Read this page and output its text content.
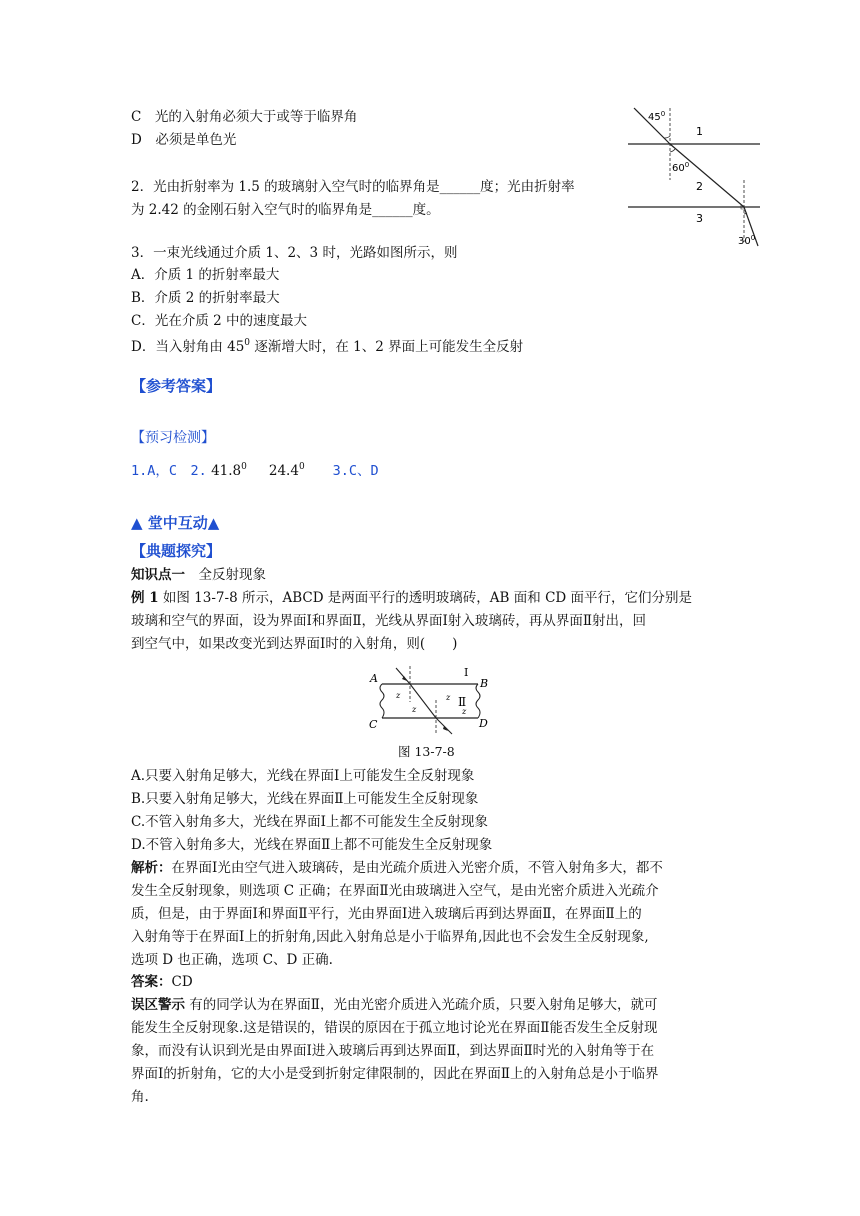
C　光的入射角必须大于或等于临界角
D　必须是单色光
2．光由折射率为 1.5 的玻璃射入空气时的临界角是______度；光由折射率
为 2.42 的金刚石射入空气时的临界角是______度。
3．一束光线通过介质 1、2、3 时，光路如图所示，则
A．介质 1 的折射率最大
B．介质 2 的折射率最大
C．光在介质 2 中的速度最大
D．当入射角由 $45^0$ 逐渐增大时，在 1、2 界面上可能发生全反射
$45^0$
$60^0$
$30^0$
1
2
3
【参考答案】
【预习检测】
1.A，C　2. 41.8$^0$ 24.4$^0$ 3.C、D
▲ 堂中互动▲
【典题探究】
知识点一　 全反射现象
例 1 如图 13-7-8 所示，ABCD 是两面平行的透明玻璃砖，AB 面和 CD 面平行，它们分别是
玻璃和空气的界面，设为界面Ⅰ和界面Ⅱ，光线从界面Ⅰ射入玻璃砖，再从界面Ⅱ射出，回
到空气中，如果改变光到达界面Ⅰ时的入射角，则(　　)
A	B
C	D
Ⅰ
Ⅱ
z
z
z
z
图 13-7-8
A.只要入射角足够大，光线在界面Ⅰ上可能发生全反射现象
B.只要入射角足够大，光线在界面Ⅱ上可能发生全反射现象
C.不管入射角多大，光线在界面Ⅰ上都不可能发生全反射现象
D.不管入射角多大，光线在界面Ⅱ上都不可能发生全反射现象
解析：在界面Ⅰ光由空气进入玻璃砖，是由光疏介质进入光密介质，不管入射角多大，都不
发生全反射现象，则选项 C 正确；在界面Ⅱ光由玻璃进入空气，是由光密介质进入光疏介
质，但是，由于界面Ⅰ和界面Ⅱ平行，光由界面Ⅰ进入玻璃后再到达界面Ⅱ，在界面Ⅱ上的
入射角等于在界面Ⅰ上的折射角,因此入射角总是小于临界角,因此也不会发生全反射现象,
选项 D 也正确，选项 C、D 正确.
答案：CD
误区警示 有的同学认为在界面Ⅱ，光由光密介质进入光疏介质，只要入射角足够大，就可
能发生全反射现象.这是错误的，错误的原因在于孤立地讨论光在界面Ⅱ能否发生全反射现
象，而没有认识到光是由界面Ⅰ进入玻璃后再到达界面Ⅱ，到达界面Ⅱ时光的入射角等于在
界面Ⅰ的折射角，它的大小是受到折射定律限制的，因此在界面Ⅱ上的入射角总是小于临界
角.
